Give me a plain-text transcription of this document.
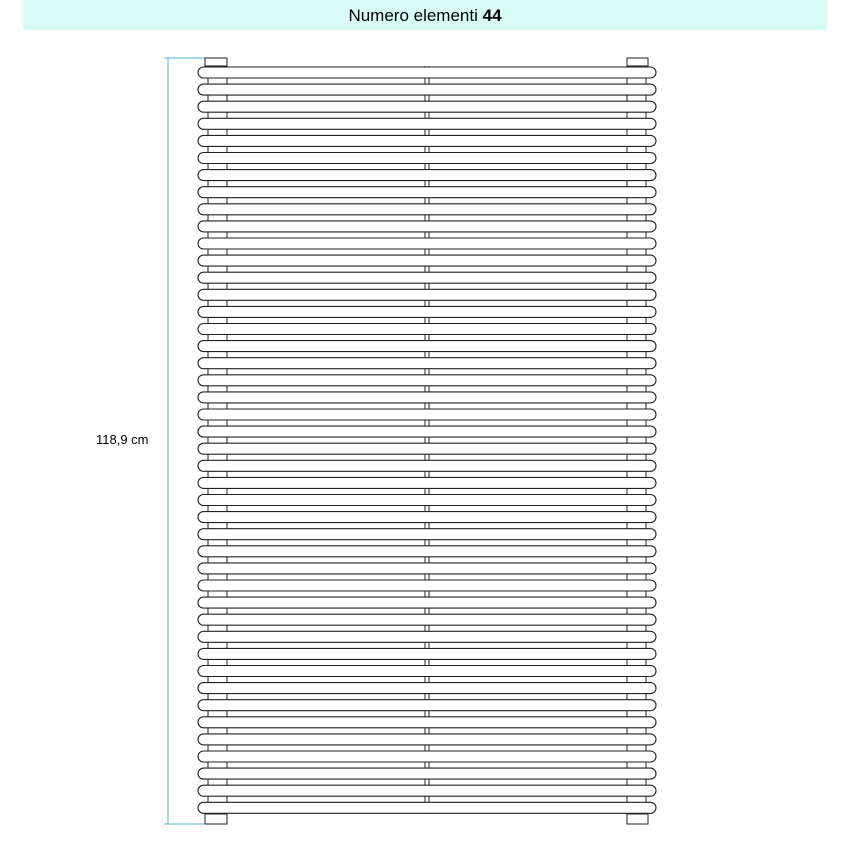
Numero elementi 44
118,9 cm
